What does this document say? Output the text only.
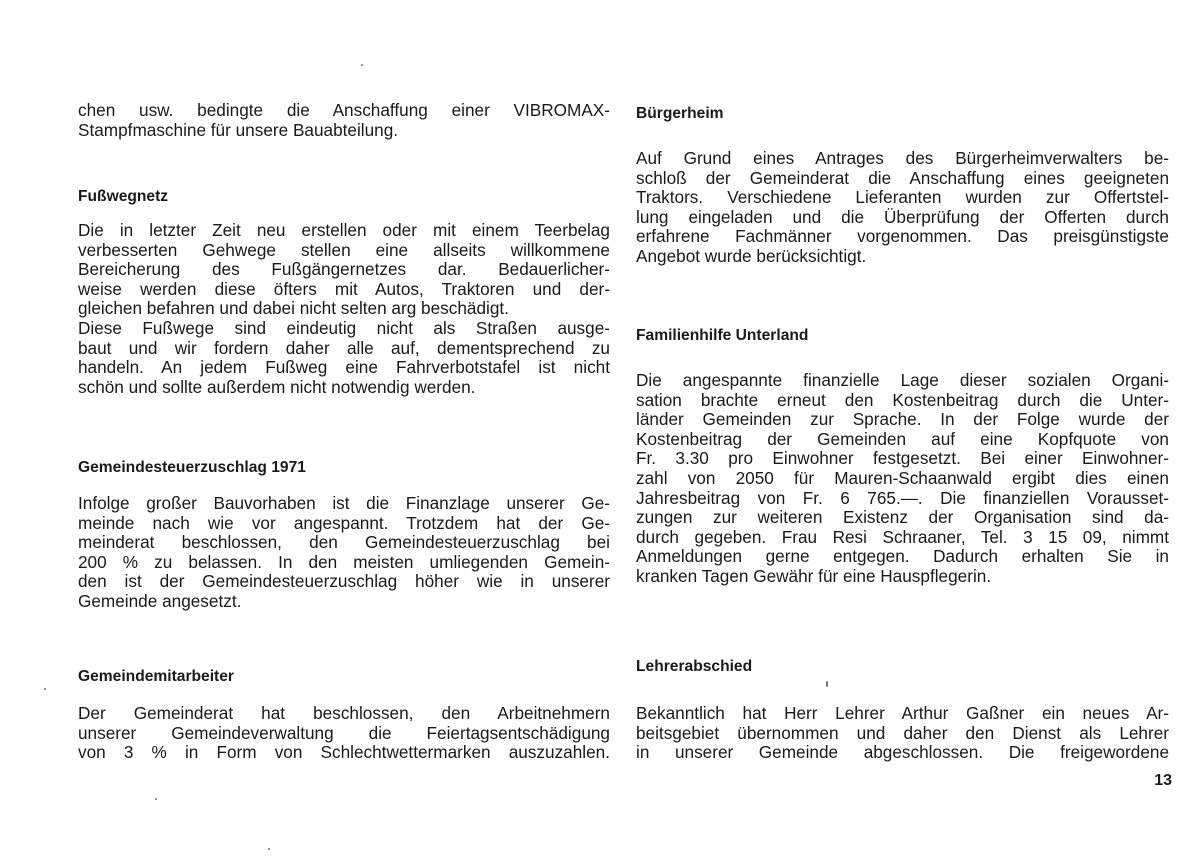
chen usw. bedingte die Anschaffung einer VIBROMAX-
Stampfmaschine für unsere Bauabteilung.
Fußwegnetz
Die in letzter Zeit neu erstellen oder mit einem Teerbelag
verbesserten Gehwege stellen eine allseits willkommene
Bereicherung des Fußgängernetzes dar. Bedauerlicher-
weise werden diese öfters mit Autos, Traktoren und der-
gleichen befahren und dabei nicht selten arg beschädigt.
Diese Fußwege sind eindeutig nicht als Straßen ausge-
baut und wir fordern daher alle auf, dementsprechend zu
handeln. An jedem Fußweg eine Fahrverbotstafel ist nicht
schön und sollte außerdem nicht notwendig werden.
Gemeindesteuerzuschlag 1971
Infolge großer Bauvorhaben ist die Finanzlage unserer Ge-
meinde nach wie vor angespannt. Trotzdem hat der Ge-
meinderat beschlossen, den Gemeindesteuerzuschlag bei
200 % zu belassen. In den meisten umliegenden Gemein-
den ist der Gemeindesteuerzuschlag höher wie in unserer
Gemeinde angesetzt.
Gemeindemitarbeiter
Der Gemeinderat hat beschlossen, den Arbeitnehmern
unserer Gemeindeverwaltung die Feiertagsentschädigung
von 3 % in Form von Schlechtwettermarken auszuzahlen.
Bürgerheim
Auf Grund eines Antrages des Bürgerheimverwalters be-
schloß der Gemeinderat die Anschaffung eines geeigneten
Traktors. Verschiedene Lieferanten wurden zur Offertstel-
lung eingeladen und die Überprüfung der Offerten durch
erfahrene Fachmänner vorgenommen. Das preisgünstigste
Angebot wurde berücksichtigt.
Familienhilfe Unterland
Die angespannte finanzielle Lage dieser sozialen Organi-
sation brachte erneut den Kostenbeitrag durch die Unter-
länder Gemeinden zur Sprache. In der Folge wurde der
Kostenbeitrag der Gemeinden auf eine Kopfquote von
Fr. 3.30 pro Einwohner festgesetzt. Bei einer Einwohner-
zahl von 2050 für Mauren-Schaanwald ergibt dies einen
Jahresbeitrag von Fr. 6 765.—. Die finanziellen Vorausset-
zungen zur weiteren Existenz der Organisation sind da-
durch gegeben. Frau Resi Schraaner, Tel. 3 15 09, nimmt
Anmeldungen gerne entgegen. Dadurch erhalten Sie in
kranken Tagen Gewähr für eine Hauspflegerin.
Lehrerabschied
Bekanntlich hat Herr Lehrer Arthur Gaßner ein neues Ar-
beitsgebiet übernommen und daher den Dienst als Lehrer
in unserer Gemeinde abgeschlossen. Die freigewordene
13
